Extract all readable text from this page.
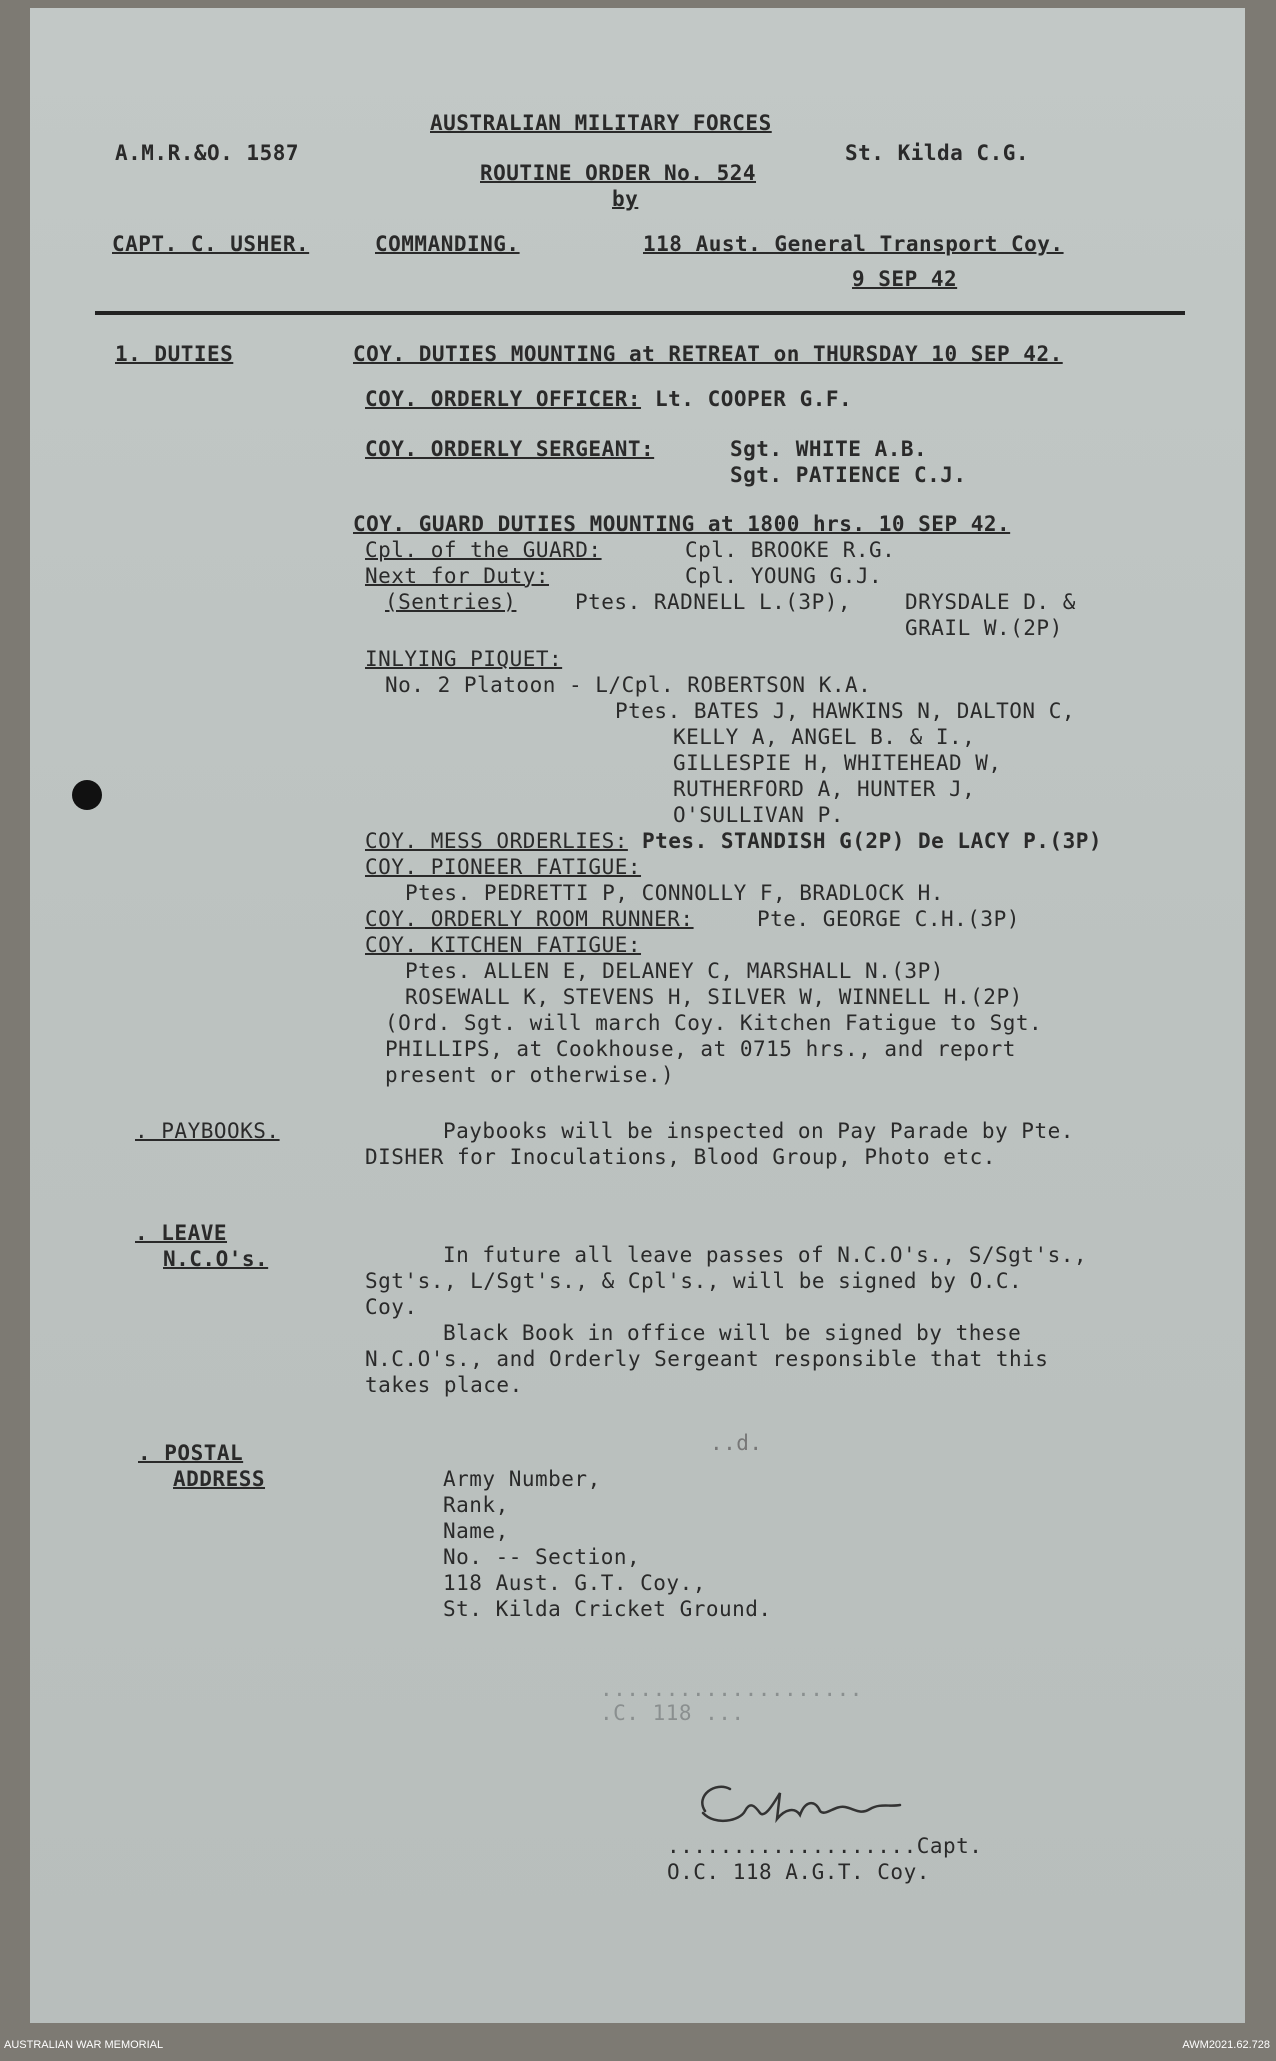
A.M.R.&O. 1587
AUSTRALIAN MILITARY FORCES
St. Kilda C.G.
ROUTINE ORDER No. 524
by
CAPT. C. USHER.	COMMANDING.	118 Aust. General Transport Coy.
9 SEP 42
1. DUTIES	COY. DUTIES MOUNTING at RETREAT on THURSDAY 10 SEP 42.
COY. ORDERLY OFFICER: Lt. COOPER G.F.
COY. ORDERLY SERGEANT:	Sgt. WHITE A.B.
Sgt. PATIENCE C.J.
COY. GUARD DUTIES MOUNTING at 1800 hrs. 10 SEP 42.
Cpl. of the GUARD:	Cpl. BROOKE R.G.
Next for Duty:	Cpl. YOUNG G.J.
(Sentries)	Ptes. RADNELL L.(3P),	DRYSDALE D. &
GRAIL W.(2P)
INLYING PIQUET:
No. 2 Platoon - L/Cpl. ROBERTSON K.A.
Ptes. BATES J, HAWKINS N, DALTON C,
KELLY A, ANGEL B. & I.,
GILLESPIE H, WHITEHEAD W,
RUTHERFORD A, HUNTER J,
O'SULLIVAN P.
COY. MESS ORDERLIES: Ptes. STANDISH G(2P) De LACY P.(3P)
COY. PIONEER FATIGUE:
Ptes. PEDRETTI P, CONNOLLY F, BRADLOCK H.
COY. ORDERLY ROOM RUNNER:	Pte. GEORGE C.H.(3P)
COY. KITCHEN FATIGUE:
Ptes. ALLEN E, DELANEY C, MARSHALL N.(3P)
ROSEWALL K, STEVENS H, SILVER W, WINNELL H.(2P)
(Ord. Sgt. will march Coy. Kitchen Fatigue to Sgt.
PHILLIPS, at Cookhouse, at 0715 hrs., and report
present or otherwise.)
. PAYBOOKS.	Paybooks will be inspected on Pay Parade by Pte.
DISHER for Inoculations, Blood Group, Photo etc.
. LEAVE
N.C.O's.	In future all leave passes of N.C.O's., S/Sgt's.,
Sgt's., L/Sgt's., & Cpl's., will be signed by O.C.
Coy.
Black Book in office will be signed by these
N.C.O's., and Orderly Sergeant responsible that this
takes place.
. POSTAL
ADDRESS
..d.
Army Number,
Rank,
Name,
No. -- Section,
118 Aust. G.T. Coy.,
St. Kilda Cricket Ground.
....................
.C. 118 ...
...................Capt.
O.C. 118 A.G.T. Coy.
AUSTRALIAN WAR MEMORIAL	AWM2021.62.728
